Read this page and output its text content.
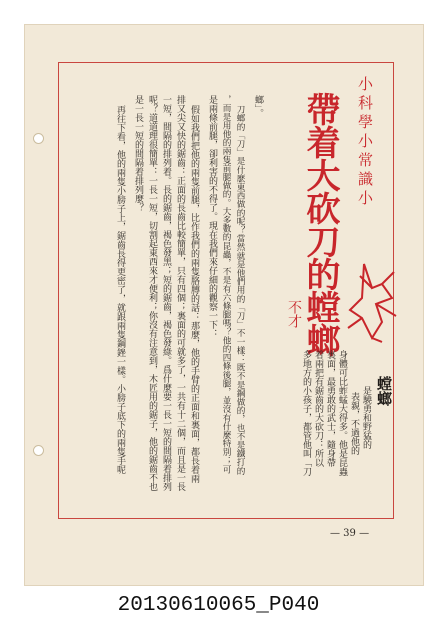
小科學小常識小
帶着大砍刀的螳螂
不才
螳螂
是驍勇和野猛的
表親，不過他的
身體可比蚱蜢大得多。他是昆蟲
裏面，最勇敢的武士，隨身帶
着兩把有鋸齒的大砍刀：所以
多地方的小孩子，都管他叫「刀
螂」。
刀螂的「刀」是什麽東西做的呢？當然就是他們用的「刀」不一樣：既不是鋼做的，也不是鐵打的
，而是用他的兩隻前腿做的。大多數的昆蟲，不是有六條腿嗎？他的四條後腿，並沒有什麼特別；可
是兩條前腿，卻利害的不得了。現在我們來仔細的觀察一下：
假如我們把他的兩隻前腿，比作我們的兩隻胳膊的話：那麼，他的手臂的正面和裏面，都長着兩
排又尖又快的鋸齒：正面的長齒比較簡單，只有四個；裏面的可就多了，一共有十二個，而且是一長
一短，間隔的排列着。長的鋸齒，褐色發黑；短的鋸齒，褐色發綠。爲什麼要一長一短的間隔着排列
呢？道道理很簡單：一長一短，切割起東西來才便利；你沒有注意到，木匠用的鋸子，他的鋸齒不也
是一長一短的間隔着排列麼？
再往下看，他的兩隻小膀子上，鋸齒長得更密了，就跟兩隻鋼銼一樣。小膀子底下的兩隻手呢
— 39 —
20130610065_P040
